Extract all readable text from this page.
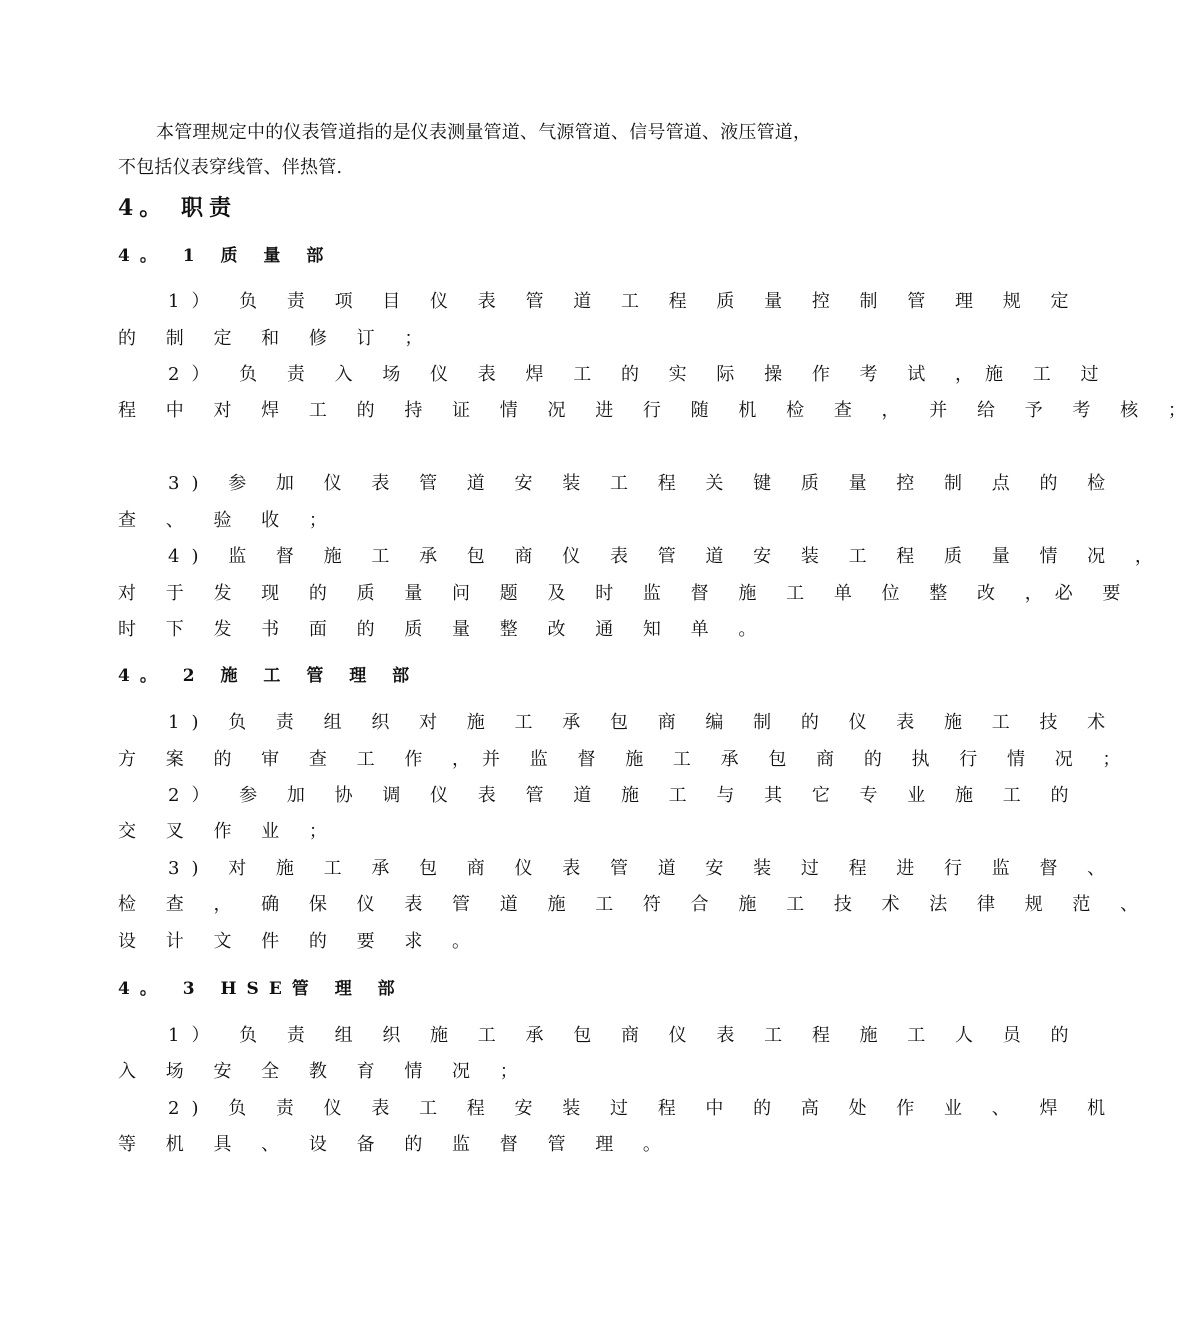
本管理规定中的仪表管道指的是仪表测量管道、气源管道、信号管道、液压管道，
不包括仪表穿线管、伴热管.
4。 职责
4。 1 质 量 部
1） 负 责 项 目 仪 表 管 道 工 程 质 量 控 制 管 理 规 定
的 制 定 和 修 订 ；
2） 负 责 入 场 仪 表 焊 工 的 实 际 操 作 考 试 ，施 工 过
程 中 对 焊 工 的 持 证 情 况 进 行 随 机 检 查 ， 并 给 予 考 核 ；
3) 参 加 仪 表 管 道 安 装 工 程 关 键 质 量 控 制 点 的 检
查 、 验 收 ；
4) 监 督 施 工 承 包 商 仪 表 管 道 安 装 工 程 质 量 情 况 ，
对 于 发 现 的 质 量 问 题 及 时 监 督 施 工 单 位 整 改 ，必 要
时 下 发 书 面 的 质 量 整 改 通 知 单 。
4。 2 施 工 管 理 部
1) 负 责 组 织 对 施 工 承 包 商 编 制 的 仪 表 施 工 技 术
方 案 的 审 查 工 作 ，并 监 督 施 工 承 包 商 的 执 行 情 况 ；
2） 参 加 协 调 仪 表 管 道 施 工 与 其 它 专 业 施 工 的
交 叉 作 业 ；
3) 对 施 工 承 包 商 仪 表 管 道 安 装 过 程 进 行 监 督 、
检 查 ， 确 保 仪 表 管 道 施 工 符 合 施 工 技 术 法 律 规 范 、
设 计 文 件 的 要 求 。
4。 3 HSE管 理 部
1） 负 责 组 织 施 工 承 包 商 仪 表 工 程 施 工 人 员 的
入 场 安 全 教 育 情 况 ；
2) 负 责 仪 表 工 程 安 装 过 程 中 的 高 处 作 业 、 焊 机
等 机 具 、 设 备 的 监 督 管 理 。
